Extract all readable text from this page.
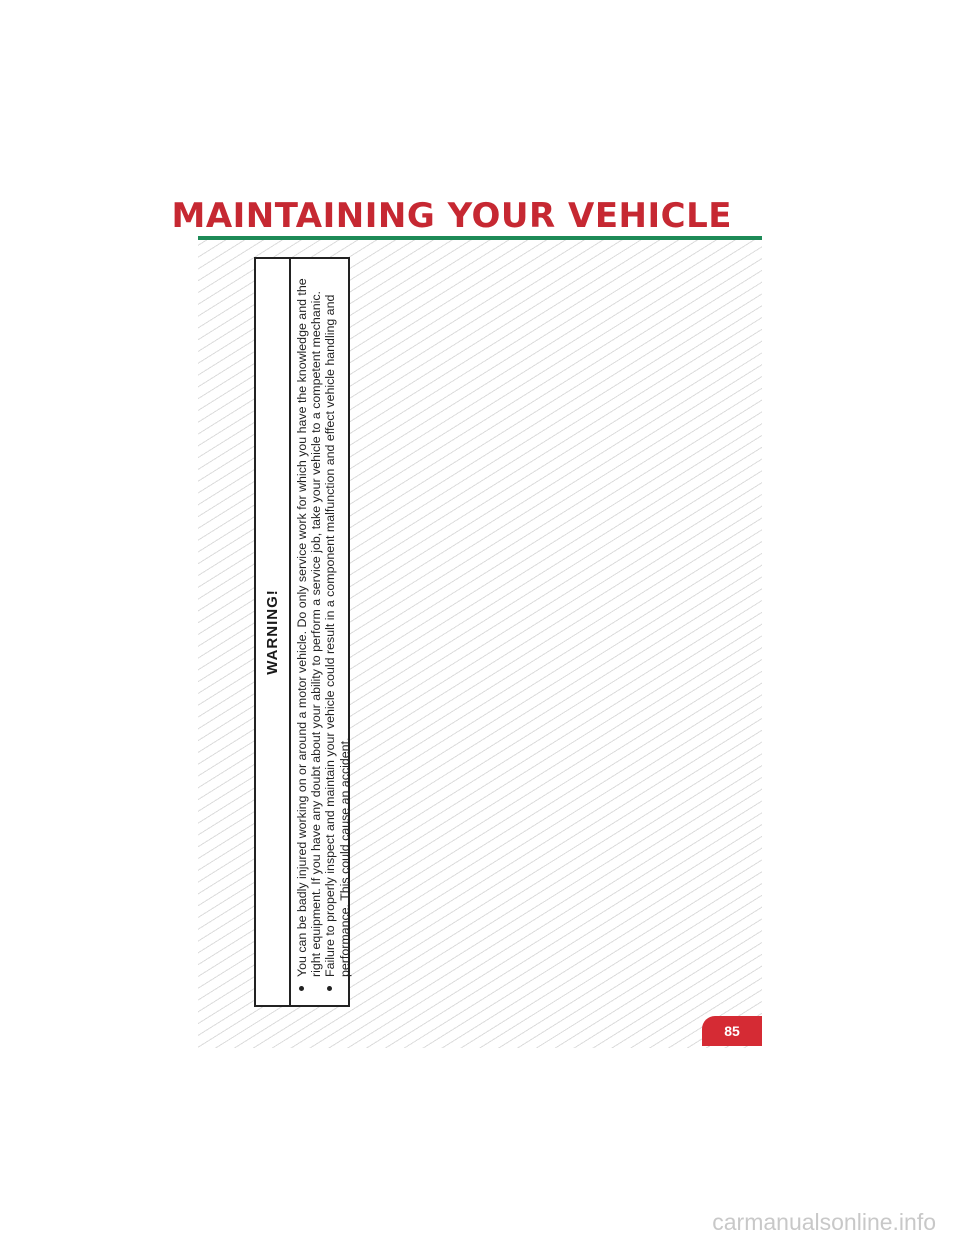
MAINTAINING YOUR VEHICLE
WARNING!	You can be badly injured working on or around a motor vehicle. Do only service work for which you have the knowledge and the right equipment. If you have any doubt about your ability to perform a service job, take your vehicle to a competent mechanic. Failure to properly inspect and maintain your vehicle could result in a component malfunction and effect vehicle handling and performance. This could cause an accident.
85
carmanualsonline.info
